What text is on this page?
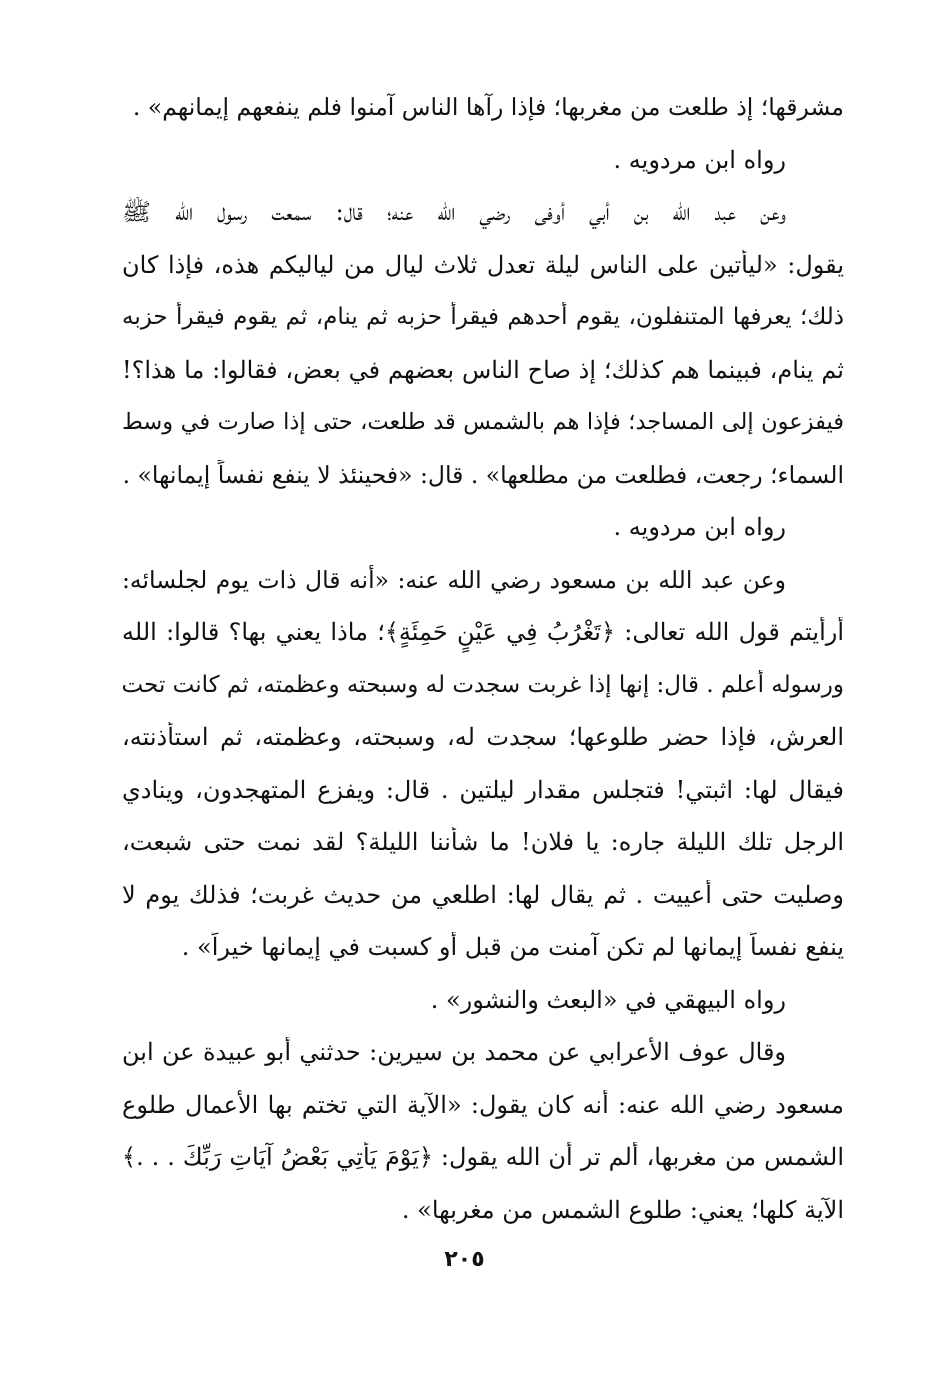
مشرقها؛ إذ طلعت من مغربها؛ فإذا رآها الناس آمنوا فلم ينفعهم إيمانهم» .

رواه ابن مردويه .

وعن عبد الله بن أبي أوفى رضي الله عنه؛ قال: سمعت رسول الله ﷺ

يقول: «ليأتين على الناس ليلة تعدل ثلاث ليال من لياليكم هذه، فإذا كان

ذلك؛ يعرفها المتنفلون، يقوم أحدهم فيقرأ حزبه ثم ينام، ثم يقوم فيقرأ حزبه

ثم ينام، فبينما هم كذلك؛ إذ صاح الناس بعضهم في بعض، فقالوا: ما هذا؟!

فيفزعون إلى المساجد؛ فإذا هم بالشمس قد طلعت، حتى إذا صارت في وسط

السماء؛ رجعت، فطلعت من مطلعها» . قال: «فحينئذ لا ينفع نفساً إيمانها» .

رواه ابن مردويه .

وعن عبد الله بن مسعود رضي الله عنه: «أنه قال ذات يوم لجلسائه:

أرأيتم قول الله تعالى: ﴿تَغْرُبُ فِي عَيْنٍ حَمِئَةٍ﴾؛ ماذا يعني بها؟ قالوا: الله

ورسوله أعلم . قال: إنها إذا غربت سجدت له وسبحته وعظمته، ثم كانت تحت

العرش، فإذا حضر طلوعها؛ سجدت له، وسبحته، وعظمته، ثم استأذنته،

فيقال لها: اثبتي! فتجلس مقدار ليلتين . قال: ويفزع المتهجدون، وينادي

الرجل تلك الليلة جاره: يا فلان! ما شأننا الليلة؟ لقد نمت حتى شبعت،

وصليت حتى أعييت . ثم يقال لها: اطلعي من حديث غربت؛ فذلك يوم لا

ينفع نفساً إيمانها لم تكن آمنت من قبل أو كسبت في إيمانها خيراً» .

رواه البيهقي في «البعث والنشور» .

وقال عوف الأعرابي عن محمد بن سيرين: حدثني أبو عبيدة عن ابن

مسعود رضي الله عنه: أنه كان يقول: «الآية التي تختم بها الأعمال طلوع

الشمس من مغربها، ألم تر أن الله يقول: ﴿يَوْمَ يَأْتِي بَعْضُ آيَاتِ رَبِّكَ . . .﴾

الآية كلها؛ يعني: طلوع الشمس من مغربها» .

٢٠٥
